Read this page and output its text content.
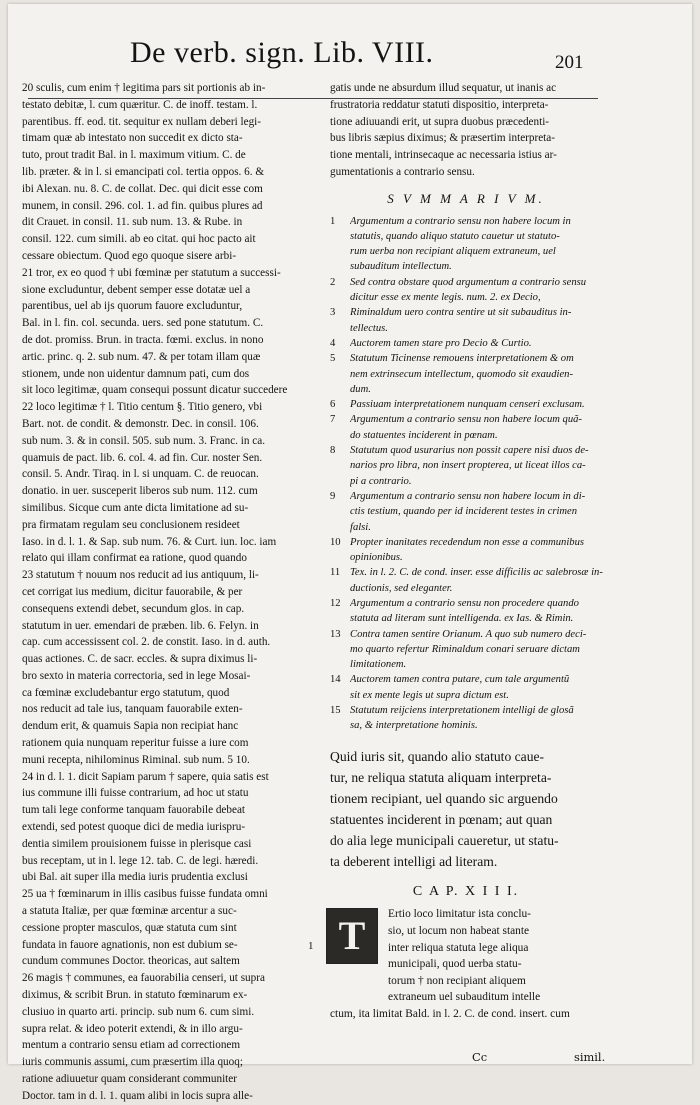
De verb. sign. Lib. VIII.	201
20 sculis, cum enim † legitima pars sit portionis ab in-
testato debitæ, l. cum quæritur. C. de inoff. testam. l.
parentibus. ff. eod. tit. sequitur ex nullam deberi legi-
timam quæ ab intestato non succedit ex dicto sta-
tuto, prout tradit Bal. in l. maximum vitium. C. de
lib. præter. & in l. si emancipati col. tertia oppos. 6. &
ibi Alexan. nu. 8. C. de collat. Dec. qui dicit esse com
munem, in consil. 296. col. 1. ad fin. quibus plures ad
dit Crauet. in consil. 11. sub num. 13. & Rube. in
consil. 122. cum simili. ab eo citat. qui hoc pacto ait
cessare obiectum. Quod ego quoque sisere arbi-
21 tror, ex eo quod † ubi fœminæ per statutum a successi-
sione excluduntur, debent semper esse dotatæ uel a
parentibus, uel ab ijs quorum fauore excluduntur,
Bal. in l. fin. col. secunda. uers. sed pone statutum. C.
de dot. promiss. Brun. in tracta. fœmi. exclus. in nono
artic. princ. q. 2. sub num. 47. & per totam illam quæ
stionem, unde non uidentur damnum pati, cum dos
sit loco legitimæ, quam consequi possunt dicatur succedere
22 loco legitimæ † l. Titio centum §. Titio genero, vbi
Bart. not. de condit. & demonstr. Dec. in consil. 106.
sub num. 3. & in consil. 505. sub num. 3. Franc. in ca.
quamuis de pact. lib. 6. col. 4. ad fin. Cur. noster Sen.
consil. 5. Andr. Tiraq. in l. si unquam. C. de reuocan.
donatio. in uer. susceperit liberos sub num. 112. cum
similibus. Sicque cum ante dicta limitatione ad su-
pra firmatam regulam seu conclusionem resideet
Iaso. in d. l. 1. & Sap. sub num. 76. & Curt. iun. loc. iam
relato qui illam confirmat ea ratione, quod quando
23 statutum † nouum nos reducit ad ius antiquum, li-
cet corrigat ius medium, dicitur fauorabile, & per
consequens extendi debet, secundum glos. in cap.
statutum in uer. emendari de præben. lib. 6. Felyn. in
cap. cum accessissent col. 2. de constit. Iaso. in d. auth.
quas actiones. C. de sacr. eccles. & supra diximus li-
bro sexto in materia correctoria, sed in lege Mosai-
ca fœminæ excludebantur ergo statutum, quod
nos reducit ad tale ius, tanquam fauorabile exten-
dendum erit, & quamuis Sapia non recipiat hanc
rationem quia nunquam reperitur fuisse a iure com
muni recepta, nihilominus Riminal. sub num. 5 10.
24 in d. l. 1. dicit Sapiam parum † sapere, quia satis est
ius commune illi fuisse contrarium, ad hoc ut statu
tum tali lege conforme tanquam fauorabile debeat
extendi, sed potest quoque dici de media iurispru-
dentia similem prouisionem fuisse in plerisque casi
bus receptam, ut in l. lege 12. tab. C. de legi. hæredi.
ubi Bal. ait super illa media iuris prudentia exclusi
25 ua † fœminarum in illis casibus fuisse fundata omni
a statuta Italiæ, per quæ fœminæ arcentur a suc-
cessione propter masculos, quæ statuta cum sint
fundata in fauore agnationis, non est dubium se-
cundum communes Doctor. theoricas, aut saltem
26 magis † communes, ea fauorabilia censeri, ut supra
diximus, & scribit Brun. in statuto fœminarum ex-
clusiuo in quarto arti. princip. sub num 6. cum simi.
supra relat. & ideo poterit extendi, & in illo argu-
mentum a contrario sensu etiam ad correctionem
iuris communis assumi, cum præsertim illa quoq;
ratione adiuuetur quam considerant communiter
Doctor. tam in d. l. 1. quam alibi in locis supra alle-
gatis unde ne absurdum illud sequatur, ut inanis ac
frustratoria reddatur statuti dispositio, interpreta-
tione adiuuandi erit, ut supra duobus præcedenti-
bus libris sæpius diximus; & præsertim interpreta-
tione mentali, intrinsecaque ac necessaria istius ar-
gumentationis a contrario sensu.
S V M M A R I V M.
1	Argumentum a contrario sensu non habere locum in
statutis, quando aliquo statuto cauetur ut statuto-
rum uerba non recipiant aliquem extraneum, uel
subauditum intellectum.
2	Sed contra obstare quod argumentum a contrario sensu
dicitur esse ex mente legis. num. 2. ex Decio,
3	Riminaldum uero contra sentire ut sit subauditus in-
tellectus.
4	Auctorem tamen stare pro Decio & Curtio.
5	Statutum Ticinense remouens interpretationem & om
nem extrinsecum intellectum, quomodo sit exaudien-
dum.
6	Passiuam interpretationem nunquam censeri exclusam.
7	Argumentum a contrario sensu non habere locum quã-
do statuentes inciderent in pœnam.
8	Statutum quod usurarius non possit capere nisi duos de-
narios pro libra, non insert propterea, ut liceat illos ca-
pi a contrario.
9	Argumentum a contrario sensu non habere locum in di-
ctis testium, quando per id inciderent testes in crimen
falsi.
10 Propter inanitates recedendum non esse a communibus
opinionibus.
11 Tex. in l. 2. C. de cond. inser. esse difficilis ac salebrosæ in-
ductionis, sed eleganter.
12 Argumentum a contrario sensu non procedere quando
statuta ad literam sunt intelligenda. ex Ias. & Rimin.
13 Contra tamen sentire Orianum. A quo sub numero deci-
mo quarto refertur Riminaldum conari seruare dictam
limitationem.
14 Auctorem tamen contra putare, cum tale argumentũ
sit ex mente legis ut supra dictum est.
15 Statutum reijciens interpretationem intelligi de glosã
sa, & interpretatione hominis.
Quid iuris sit, quando alio statuto caue-
tur, ne reliqua statuta aliquam interpreta-
tionem recipiant, uel quando sic arguendo
statuentes inciderent in pœnam; aut quan
do alia lege municipali caueretur, ut statu-
ta deberent intelligi ad literam.
C A P. X I I I.
T
1
Ertio loco limitatur ista conclu-
sio, ut locum non habeat stante
inter reliqua statuta lege aliqua
municipali, quod uerba statu-
torum † non recipiant aliquem
extraneum uel subauditum intelle
ctum, ita limitat Bald. in l. 2. C. de cond. insert. cum
Cc	simil.
